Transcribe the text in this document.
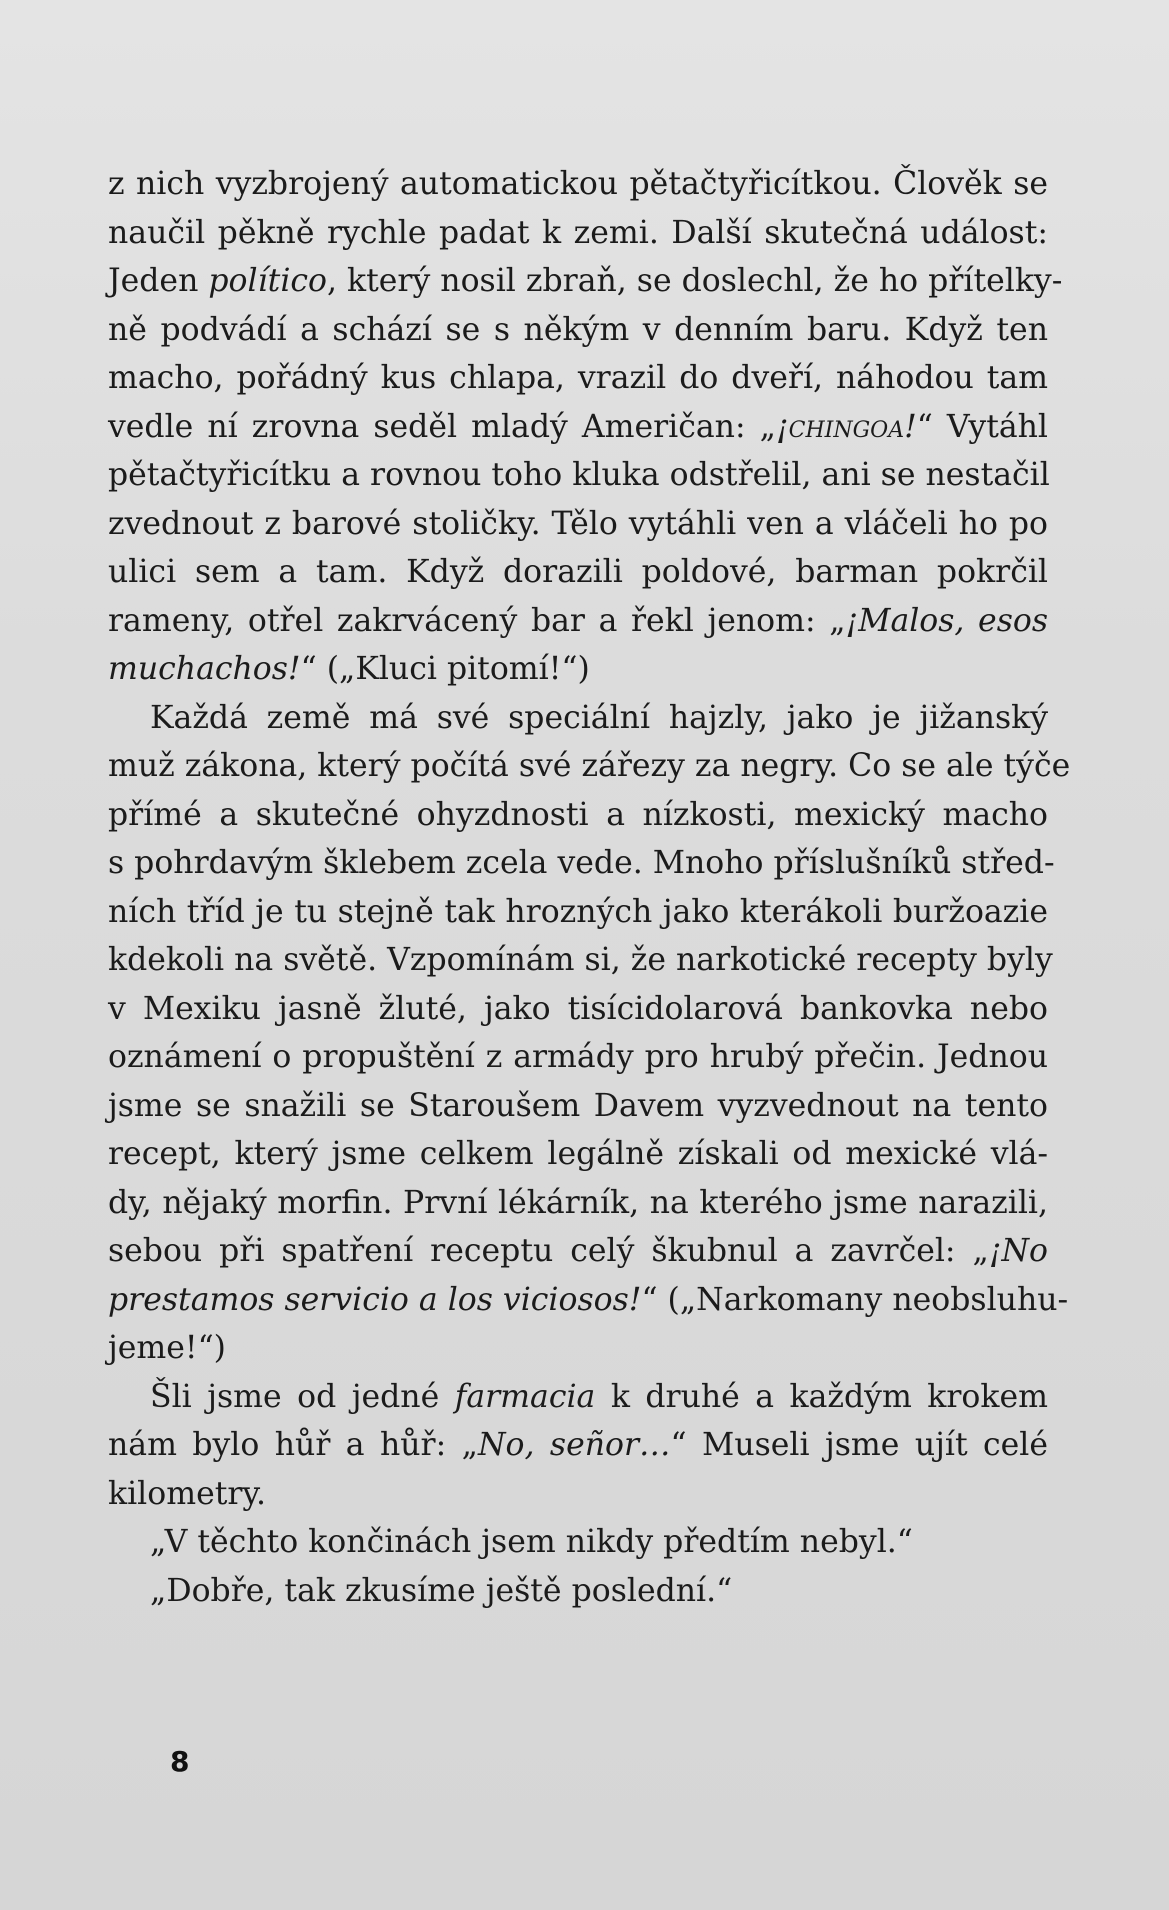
z nich vyzbrojený automatickou pětačtyřicítkou. Člověk se
naučil pěkně rychle padat k zemi. Další skutečná událost:
Jeden político, který nosil zbraň, se doslechl, že ho přítelky-
ně podvádí a schází se s někým v denním baru. Když ten
macho, pořádný kus chlapa, vrazil do dveří, náhodou tam
vedle ní zrovna seděl mladý Američan: „¡chingoa!“ Vytáhl
pětačtyřicítku a rovnou toho kluka odstřelil, ani se nestačil
zvednout z barové stoličky. Tělo vytáhli ven a vláčeli ho po
ulici sem a tam. Když dorazili poldové, barman pokrčil
rameny, otřel zakrvácený bar a řekl jenom: „¡Malos, esos
muchachos!“ („Kluci pitomí!“)
Každá země má své speciální hajzly, jako je jižanský
muž zákona, který počítá své zářezy za negry. Co se ale týče
přímé a skutečné ohyzdnosti a nízkosti, mexický macho
s pohrdavým šklebem zcela vede. Mnoho příslušníků střed-
ních tříd je tu stejně tak hrozných jako kterákoli buržoazie
kdekoli na světě. Vzpomínám si, že narkotické recepty byly
v Mexiku jasně žluté, jako tisícidolarová bankovka nebo
oznámení o propuštění z armády pro hrubý přečin. Jednou
jsme se snažili se Staroušem Davem vyzvednout na tento
recept, který jsme celkem legálně získali od mexické vlá-
dy, nějaký morfin. První lékárník, na kterého jsme narazili,
sebou při spatření receptu celý škubnul a zavrčel: „¡No
prestamos servicio a los viciosos!“ („Narkomany neobsluhu-
jeme!“)
Šli jsme od jedné farmacia k druhé a každým krokem
nám bylo hůř a hůř: „No, señor…“ Museli jsme ujít celé
kilometry.
„V těchto končinách jsem nikdy předtím nebyl.“
„Dobře, tak zkusíme ještě poslední.“
8
